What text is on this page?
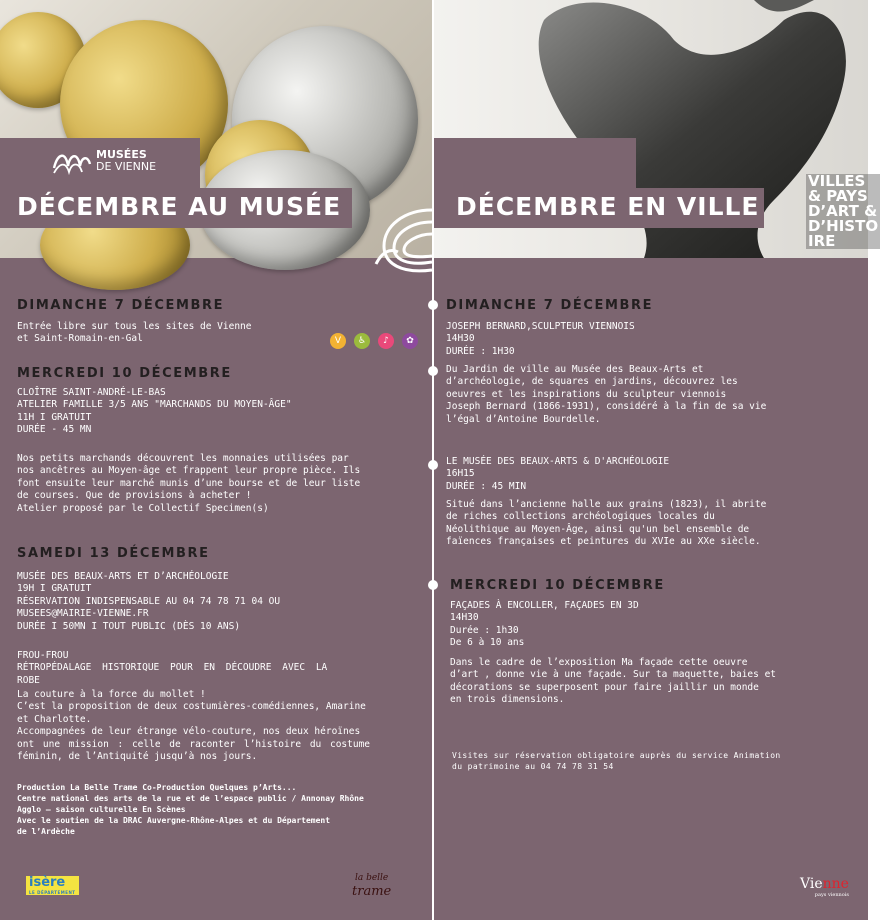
MUSÉES
DE VIENNE
DÉCEMBRE AU MUSÉE
DIMANCHE 7 DÉCEMBRE
Entrée libre sur tous les sites de Vienne
et Saint-Romain-en-Gal	V	♿	♪	✿
MERCREDI 10 DÉCEMBRE
CLOÎTRE SAINT-ANDRÉ-LE-BAS
ATELIER FAMILLE 3/5 ANS "MARCHANDS DU MOYEN-ÂGE"
11H I GRATUIT
DURÉE - 45 MN
Nos petits marchands découvrent les monnaies utilisées par
nos ancêtres au Moyen-âge et frappent leur propre pièce. Ils
font ensuite leur marché munis d’une bourse et de leur liste
de courses. Que de provisions à acheter !
Atelier proposé par le Collectif Specimen(s)
SAMEDI 13 DÉCEMBRE
MUSÉE DES BEAUX-ARTS ET D’ARCHÉOLOGIE
19H I GRATUIT
RÉSERVATION INDISPENSABLE AU 04 74 78 71 04 OU
MUSEES@MAIRIE-VIENNE.FR
DURÉE I 50MN I TOUT PUBLIC (DÈS 10 ANS)
FROU-FROU
RÉTROPÉDALAGE HISTORIQUE POUR EN DÉCOUDRE AVEC LA
ROBE
La couture à la force du mollet !
C’est la proposition de deux costumières-comédiennes, Amarine
et Charlotte.
Accompagnées de leur étrange vélo-couture, nos deux héroïnes
ont une mission : celle de raconter l’histoire du costume
féminin, de l’Antiquité jusqu’à nos jours.
Production La Belle Trame Co-Production Quelques p’Arts...
Centre national des arts de la rue et de l’espace public / Annonay Rhône
Agglo – saison culturelle En Scènes
Avec le soutien de la DRAC Auvergne-Rhône-Alpes et du Département
de l’Ardèche
isère
LE DÉPARTEMENT
la belle
trame
DÉCEMBRE EN VILLE
DIMANCHE 7 DÉCEMBRE
JOSEPH BERNARD,SCULPTEUR VIENNOIS
14H30
DURÉE : 1H30
Du Jardin de ville au Musée des Beaux-Arts et
d’archéologie, de squares en jardins, découvrez les
oeuvres et les inspirations du sculpteur viennois
Joseph Bernard (1866-1931), considéré à la fin de sa vie
l’égal d’Antoine Bourdelle.
LE MUSÉE DES BEAUX-ARTS & D'ARCHÉOLOGIE
16H15
DURÉE : 45 MIN
Situé dans l’ancienne halle aux grains (1823), il abrite
de riches collections archéologiques locales du
Néolithique au Moyen-Âge, ainsi qu'un bel ensemble de
faïences françaises et peintures du XVIe au XXe siècle.
MERCREDI 10 DÉCEMBRE
FAÇADES À ENCOLLER, FAÇADES EN 3D
14H30
Durée : 1h30
De 6 à 10 ans
Dans le cadre de l’exposition Ma façade cette oeuvre
d’art , donne vie à une façade. Sur ta maquette, baies et
décorations se superposent pour faire jaillir un monde
en trois dimensions.
Visites sur réservation obligatoire auprès du service Animation
du patrimoine au 04 74 78 31 54
Vienne
pays viennois
VILLES
& PAYS
D’ART &
D’HISTO
IRE
